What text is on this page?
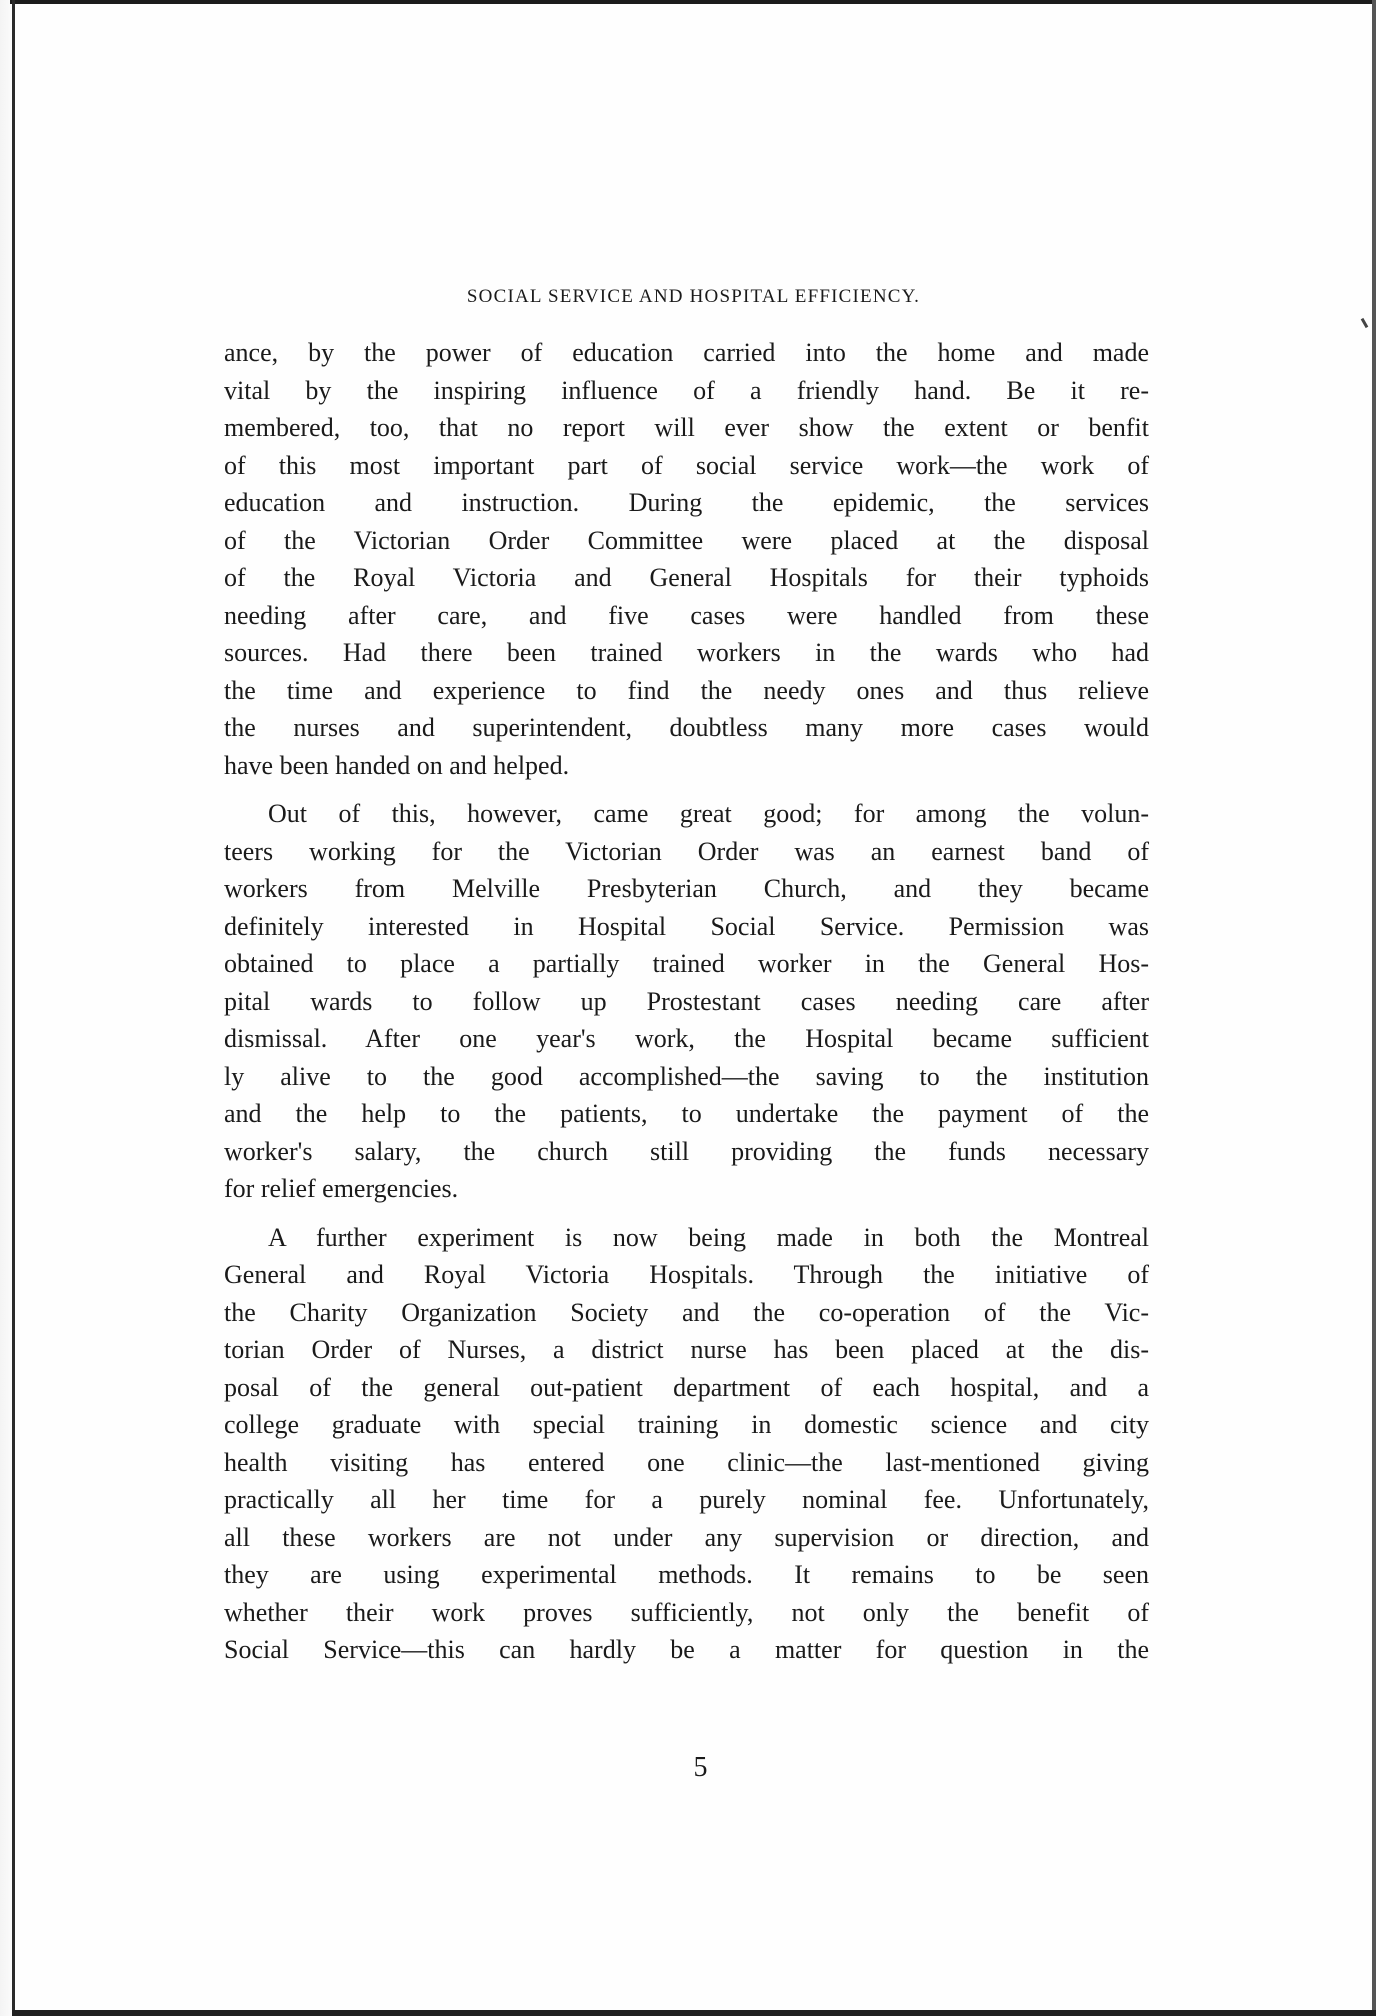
SOCIAL SERVICE AND HOSPITAL EFFICIENCY.
ance, by the power of education carried into the home and made
vital by the inspiring influence of a friendly hand. Be it re-
membered, too, that no report will ever show the extent or benfit
of this most important part of social service work—the work of
education and instruction. During the epidemic, the services
of the Victorian Order Committee were placed at the disposal
of the Royal Victoria and General Hospitals for their typhoids
needing after care, and five cases were handled from these
sources. Had there been trained workers in the wards who had
the time and experience to find the needy ones and thus relieve
the nurses and superintendent, doubtless many more cases would
have been handed on and helped.
Out of this, however, came great good; for among the volun-
teers working for the Victorian Order was an earnest band of
workers from Melville Presbyterian Church, and they became
definitely interested in Hospital Social Service. Permission was
obtained to place a partially trained worker in the General Hos-
pital wards to follow up Prostestant cases needing care after
dismissal. After one year's work, the Hospital became sufficient
ly alive to the good accomplished—the saving to the institution
and the help to the patients, to undertake the payment of the
worker's salary, the church still providing the funds necessary
for relief emergencies.
A further experiment is now being made in both the Montreal
General and Royal Victoria Hospitals. Through the initiative of
the Charity Organization Society and the co-operation of the Vic-
torian Order of Nurses, a district nurse has been placed at the dis-
posal of the general out-patient department of each hospital, and a
college graduate with special training in domestic science and city
health visiting has entered one clinic—the last-mentioned giving
practically all her time for a purely nominal fee. Unfortunately,
all these workers are not under any supervision or direction, and
they are using experimental methods. It remains to be seen
whether their work proves sufficiently, not only the benefit of
Social Service—this can hardly be a matter for question in the
5
